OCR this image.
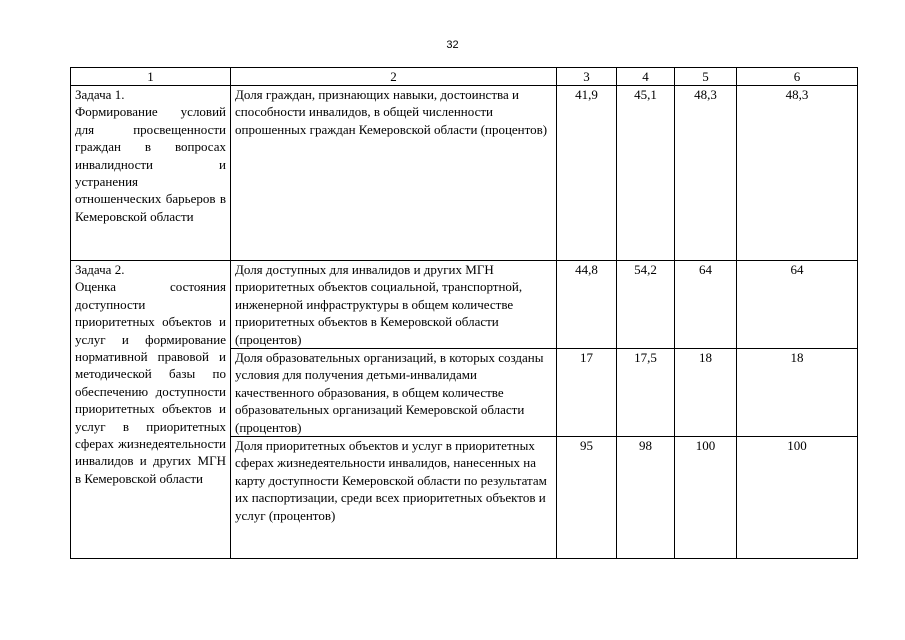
32
1	2	3	4	5	6
Задача 1.
Формирование условий для просвещенности граждан в вопросах инвалидности и устранения отношенческих барьеров в Кемеровской области	Доля граждан, признающих навыки, достоинства и способности инвалидов, в общей численности опрошенных граждан Кемеровской области (процентов)	41,9	45,1	48,3	48,3
Задача 2.
Оценка состояния доступности приоритетных объектов и услуг и формирование нормативной правовой и методической базы по обеспечению доступности приоритетных объектов и услуг в приоритетных сферах жизнедеятельности инвалидов и других МГН в Кемеровской области	Доля доступных для инвалидов и других МГН приоритетных объектов социальной, транспортной, инженерной инфраструктуры в общем количестве приоритетных объектов в Кемеровской области (процентов)	44,8	54,2	64	64
	Доля образовательных организаций, в которых созданы условия для получения детьми-инвалидами качественного образования, в общем количестве образовательных организаций Кемеровской области (процентов)	17	17,5	18	18
	Доля приоритетных объектов и услуг в приоритетных сферах жизнедеятельности инвалидов, нанесенных на карту доступности Кемеровской области по результатам их паспортизации, среди всех приоритетных объектов и услуг (процентов)	95	98	100	100
